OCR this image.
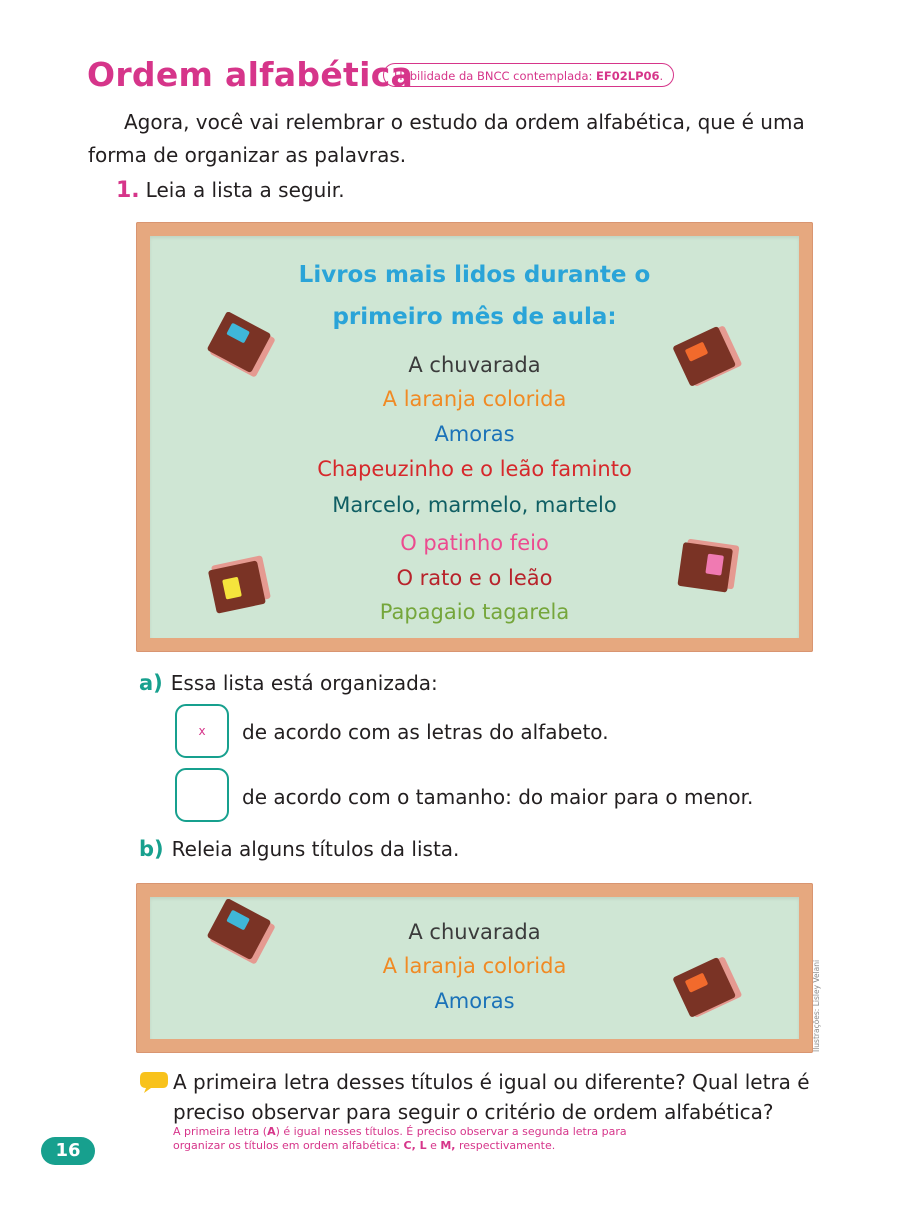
Ordem alfabética
Habilidade da BNCC contemplada: EF02LP06.

Agora, você vai relembrar o estudo da ordem alfabética, que é uma forma de organizar as palavras.

1. Leia a lista a seguir.

Livros mais lidos durante o

primeiro mês de aula:

A chuvarada

A laranja colorida

Amoras

Chapeuzinho e o leão faminto

Marcelo, marmelo, martelo

O patinho feio

O rato e o leão

Papagaio tagarela

a) Essa lista está organizada:
x	de acordo com as letras do alfabeto.
de acordo com o tamanho: do maior para o menor.
b) Releia alguns títulos da lista.

A chuvarada

A laranja colorida

Amoras	Ilustrações: Lisley Velani

A primeira letra desses títulos é igual ou diferente? Qual letra é preciso observar para seguir o critério de ordem alfabética?

A primeira letra (A) é igual nesses títulos. É preciso observar a segunda letra para organizar os títulos em ordem alfabética: C, L e M, respectivamente.

16
